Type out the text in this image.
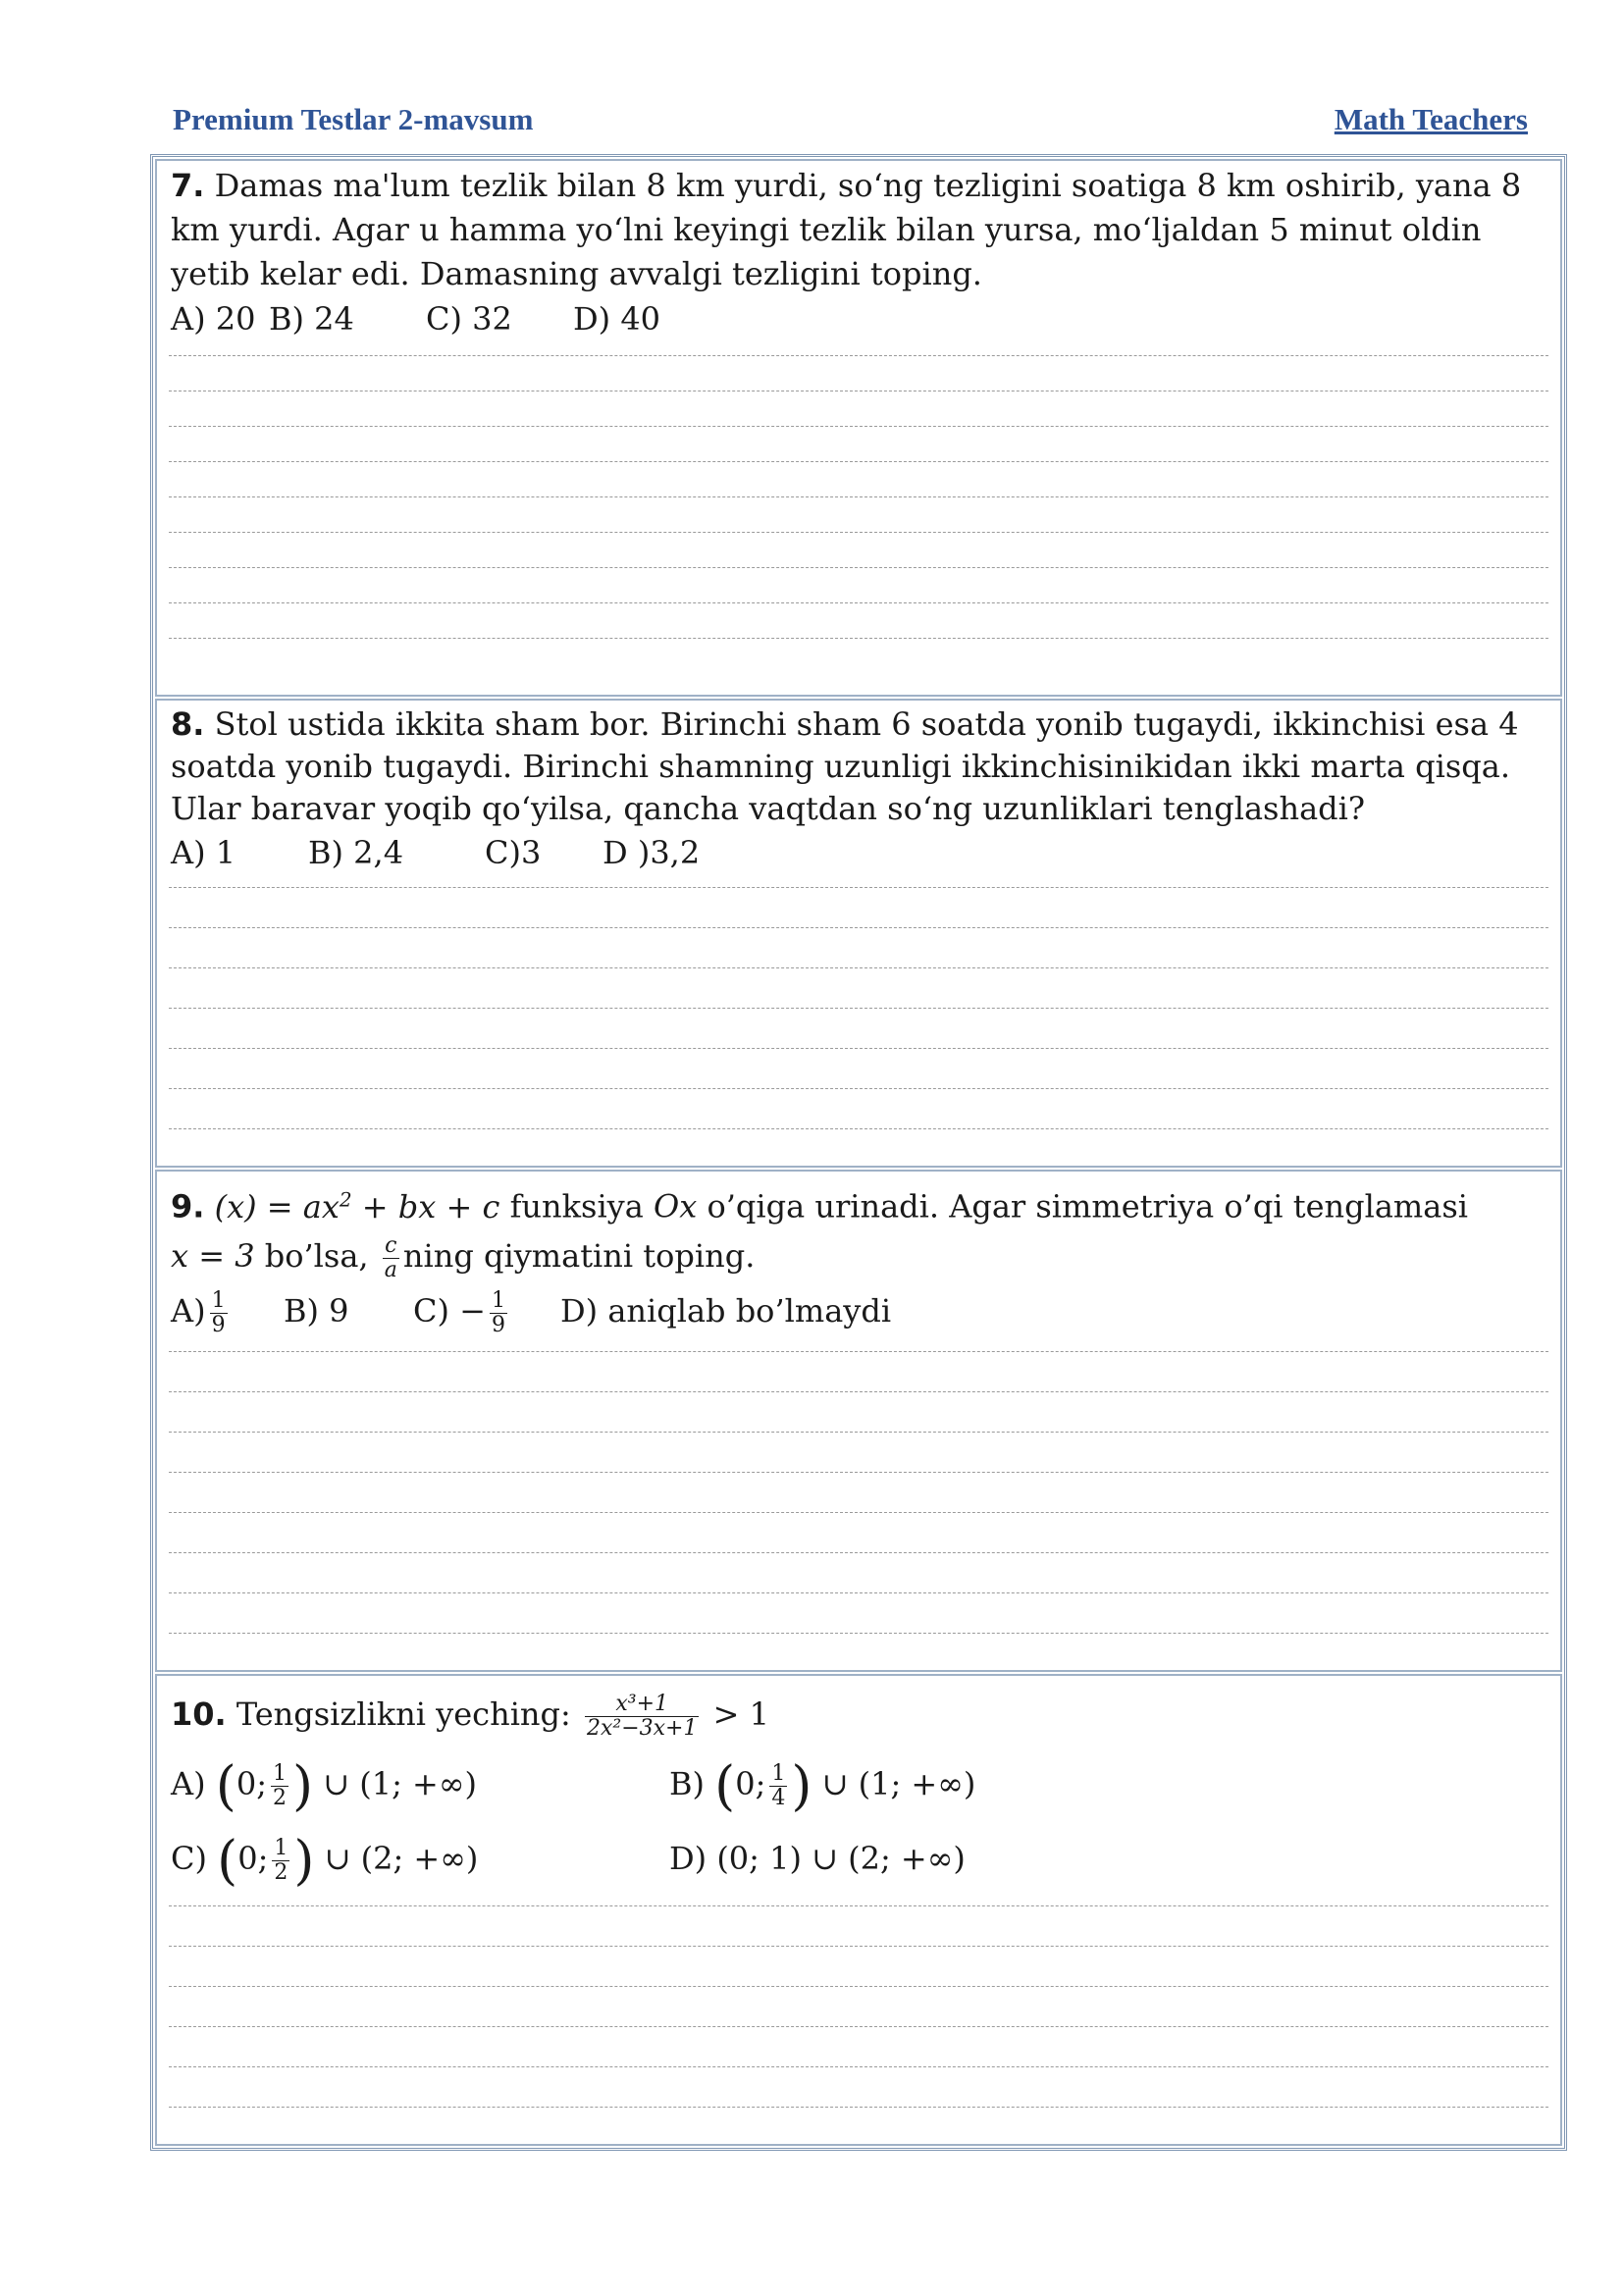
Premium Testlar 2-mavsum	Math Teachers

7. Damas ma'lum tezlik bilan 8 km yurdi, so‘ng tezligini soatiga 8 km oshirib, yana 8 km yurdi. Agar u hamma yo‘lni keyingi tezlik bilan yursa, mo‘ljaldan 5 minut oldin yetib kelar edi. Damasning avvalgi tezligini toping.

A) 20 B) 24 C) 32 D) 40

8. Stol ustida ikkita sham bor. Birinchi sham 6 soatda yonib tugaydi, ikkinchisi esa 4 soatda yonib tugaydi. Birinchi shamning uzunligi ikkinchisinikidan ikki marta qisqa. Ular baravar yoqib qo‘yilsa, qancha vaqtdan so‘ng uzunliklari tenglashadi?

A) 1 B) 2,4	C)3 D )3,2

9. $(x) = ax^2$ + bx + c funksiya Ox o’qiga urinadi. Agar simmetriya o’qi tenglamasi
x = 3 bo’lsa, $\frac{c}{a}$ ning qiymatini toping.

$A) \frac{1}{9} B$) 9 $C) - \frac{1}{9} D$) aniqlab bo’lmaydi

10. Tengsizlikni yeching: $\frac{\text{x³+1}}{\text{2x²−3x+1}} > 1$

A) (0; $\frac{1}{2}$ ) ∪ (1; +∞)	B) (0; $\frac{1}{4}$ ) ∪ (1; +∞)
C) (0; $\frac{1}{2}$ ) ∪ (2; +∞)	D) (0; 1) ∪ (2; +∞)
